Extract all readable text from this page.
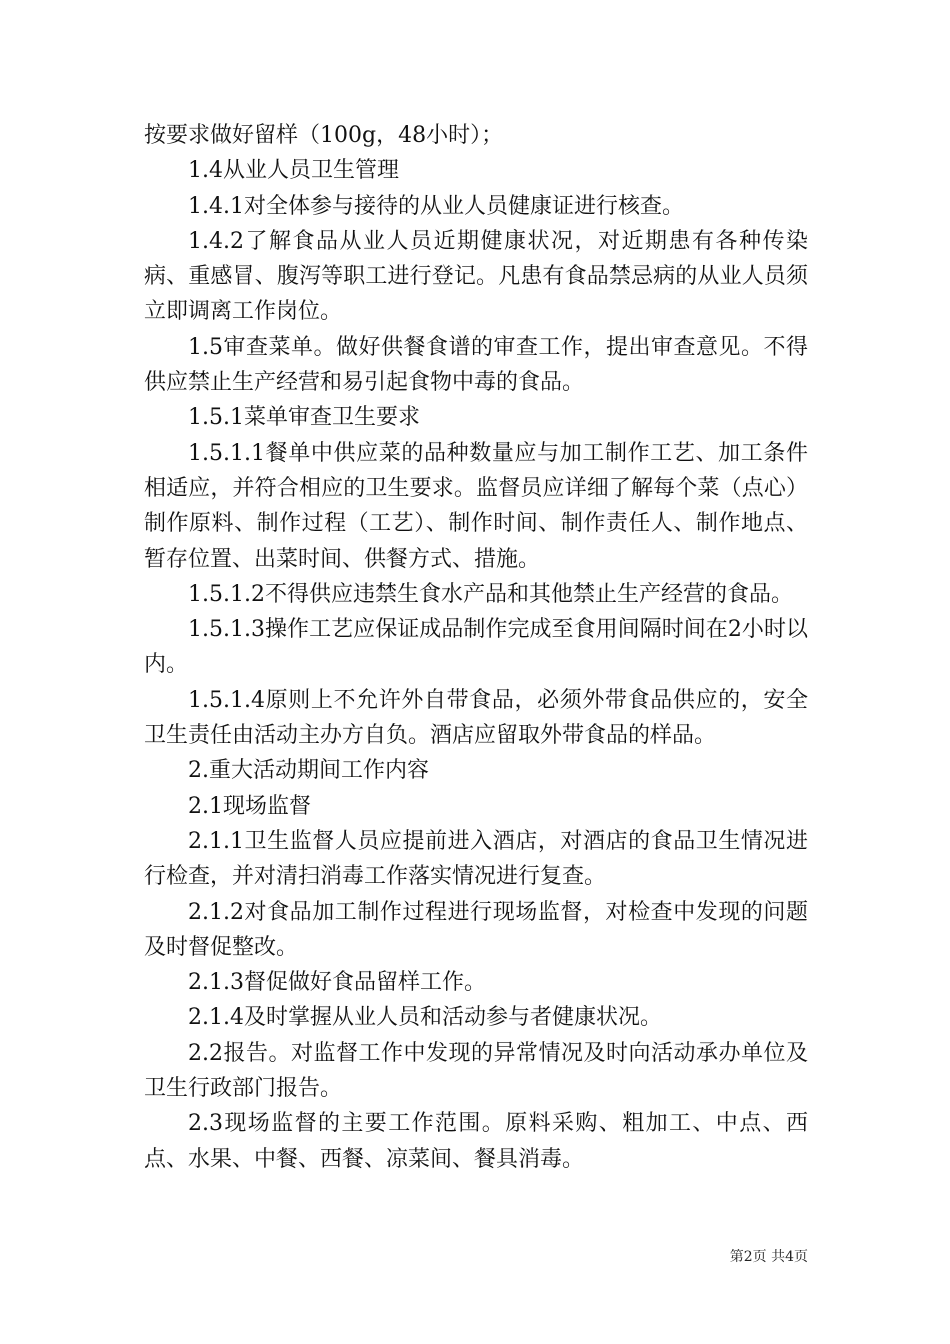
按要求做好留样（100g，48小时）；

1.4从业人员卫生管理

1.4.1对全体参与接待的从业人员健康证进行核查。

1.4.2了解食品从业人员近期健康状况，对近期患有各种传染病、重感冒、腹泻等职工进行登记。凡患有食品禁忌病的从业人员须立即调离工作岗位。

1.5审查菜单。做好供餐食谱的审查工作，提出审查意见。不得供应禁止生产经营和易引起食物中毒的食品。

1.5.1菜单审查卫生要求

1.5.1.1餐单中供应菜的品种数量应与加工制作工艺、加工条件相适应，并符合相应的卫生要求。监督员应详细了解每个菜（点心）制作原料、制作过程（工艺）、制作时间、制作责任人、制作地点、暂存位置、出菜时间、供餐方式、措施。

1.5.1.2不得供应违禁生食水产品和其他禁止生产经营的食品。

1.5.1.3操作工艺应保证成品制作完成至食用间隔时间在2小时以内。

1.5.1.4原则上不允许外自带食品，必须外带食品供应的，安全卫生责任由活动主办方自负。酒店应留取外带食品的样品。

2.重大活动期间工作内容

2.1现场监督

2.1.1卫生监督人员应提前进入酒店，对酒店的食品卫生情况进行检查，并对清扫消毒工作落实情况进行复查。

2.1.2对食品加工制作过程进行现场监督，对检查中发现的问题及时督促整改。

2.1.3督促做好食品留样工作。

2.1.4及时掌握从业人员和活动参与者健康状况。

2.2报告。对监督工作中发现的异常情况及时向活动承办单位及卫生行政部门报告。

2.3现场监督的主要工作范围。原料采购、粗加工、中点、西点、水果、中餐、西餐、凉菜间、餐具消毒。

第2页 共4页
